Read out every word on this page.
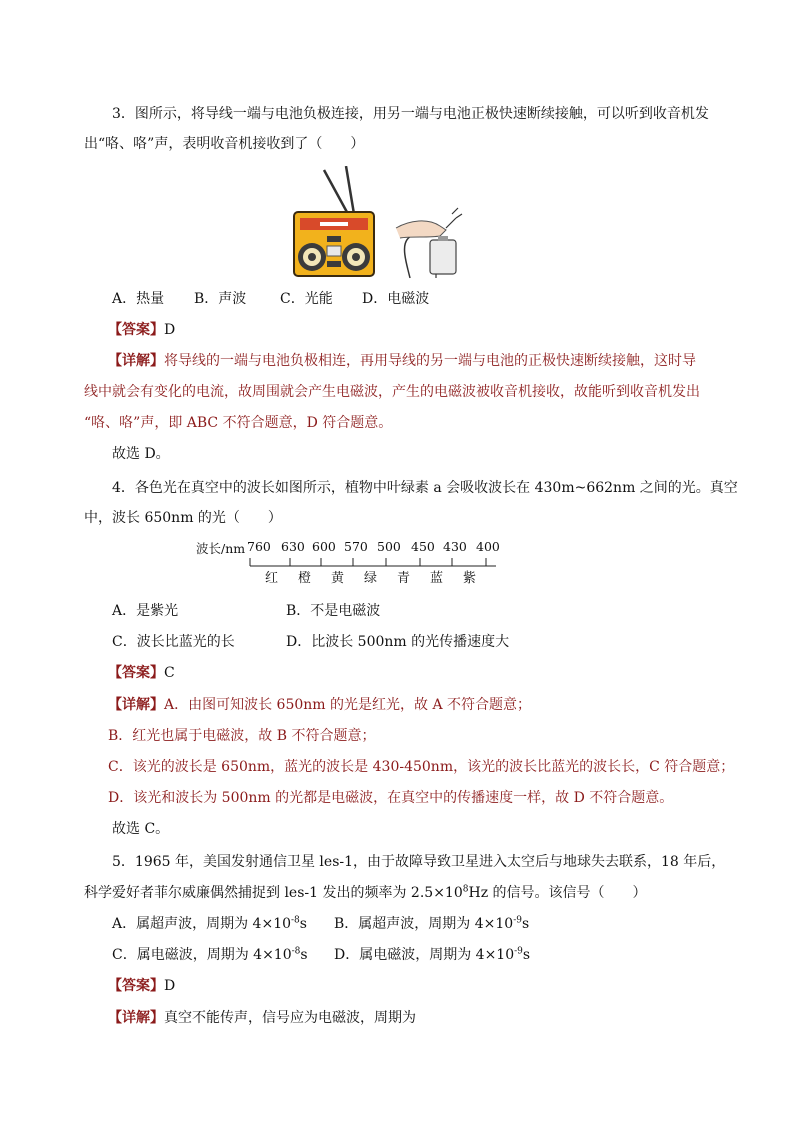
3．图所示，将导线一端与电池负极连接，用另一端与电池正极快速断续接触，可以听到收音机发
出“咯、咯”声，表明收音机接收到了（　　）
A．热量 B．声波 C．光能 D．电磁波
【答案】D
【详解】将导线的一端与电池负极相连，再用导线的另一端与电池的正极快速断续接触，这时导
线中就会有变化的电流，故周围就会产生电磁波，产生的电磁波被收音机接收，故能听到收音机发出
“咯、咯”声，即 ABC 不符合题意，D 符合题意。
故选 D。
4．各色光在真空中的波长如图所示，植物中叶绿素 a 会吸收波长在 430m~662nm 之间的光。真空
中，波长 650nm 的光（　　）
波长/nm 760 630 600 570 500 450 430 400
红 橙 黄 绿 青 蓝 紫
A．是紫光	B．不是电磁波
C．波长比蓝光的长	D．比波长 500nm 的光传播速度大
【答案】C
【详解】A．由图可知波长 650nm 的光是红光，故 A 不符合题意；
B．红光也属于电磁波，故 B 不符合题意；
C．该光的波长是 650nm，蓝光的波长是 430-450nm，该光的波长比蓝光的波长长，C 符合题意；
D．该光和波长为 500nm 的光都是电磁波，在真空中的传播速度一样，故 D 不符合题意。
故选 C。
5．1965 年，美国发射通信卫星 les-1，由于故障导致卫星进入太空后与地球失去联系，18 年后，
科学爱好者菲尔威廉偶然捕捉到 les-1 发出的频率为 $2.5\times 10^8Hz$ 的信号。该信号（　　）
A．属超声波，周期为 $4\times 10^{-8}s$ B．属超声波，周期为 $4\times 10^{-9}s$
C．属电磁波，周期为 $4\times 10^{-8}s$ D．属电磁波，周期为 $4\times 10^{-9}s$
【答案】D
【详解】真空不能传声，信号应为电磁波，周期为
